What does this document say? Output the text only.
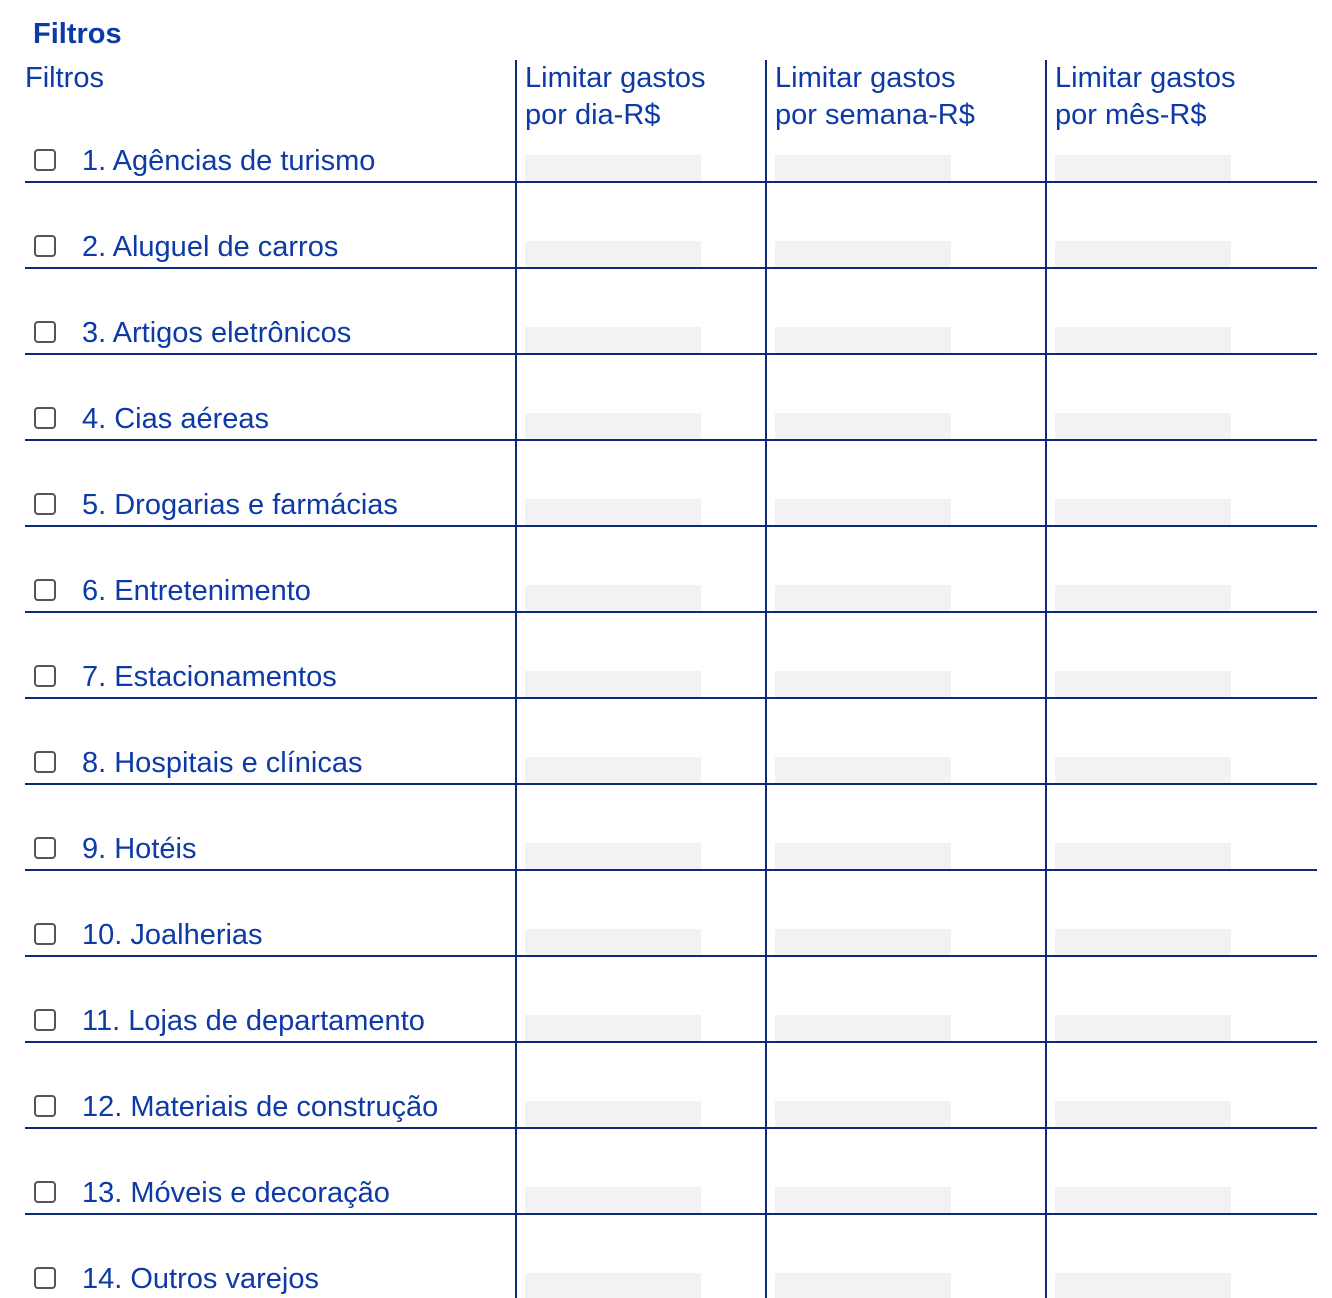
Filtros
Filtros	Limitar gastos
por dia-R$
Limitar gastos
por semana-R$
Limitar gastos
por mês-R$
1. Agências de turismo
2. Aluguel de carros
3. Artigos eletrônicos
4. Cias aéreas
5. Drogarias e farmácias
6. Entretenimento
7. Estacionamentos
8. Hospitais e clínicas
9. Hotéis
10. Joalherias
11. Lojas de departamento
12. Materiais de construção
13. Móveis e decoração
14. Outros varejos
